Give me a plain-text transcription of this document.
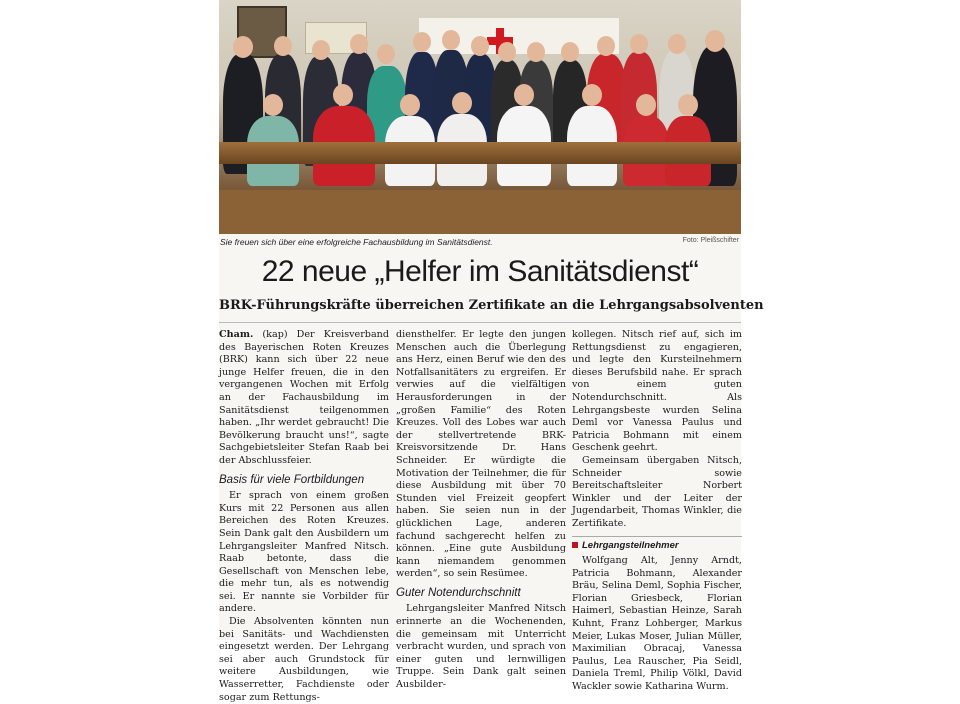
Sie freuen sich über eine erfolgreiche Fachausbildung im Sanitätsdienst.	Foto: Pleißschifter
22 neue „Helfer im Sanitätsdienst“
BRK-Führungskräfte überreichen Zertifikate an die Lehrgangsabsolventen

Cham. (kap) Der Kreisverband des Bayerischen Roten Kreuzes (BRK) kann sich über 22 neue junge Helfer freuen, die in den vergangenen Wochen mit Erfolg an der Fachausbildung im Sanitätsdienst teilgenommen haben. „Ihr werdet gebraucht! Die Bevölkerung braucht uns!“, sagte Sachgebietsleiter Stefan Raab bei der Abschlussfeier.

Basis für viele Fortbildungen

Er sprach von einem großen Kurs mit 22 Personen aus allen Bereichen des Roten Kreuzes. Sein Dank galt den Ausbildern um Lehrgangsleiter Manfred Nitsch. Raab betonte, dass die Gesellschaft von Menschen lebe, die mehr tun, als es notwendig sei. Er nannte sie Vorbilder für andere.

Die Absolventen könnten nun bei Sanitäts- und Wachdiensten eingesetzt werden. Der Lehrgang sei aber auch Grundstock für weitere Ausbildungen, wie Wasserretter, Fachdienste oder sogar zum Rettungs-

diensthelfer. Er legte den jungen Menschen auch die Überlegung ans Herz, einen Beruf wie den des Notfallsanitäters zu ergreifen. Er verwies auf die vielfältigen Herausforderungen in der „großen Familie“ des Roten Kreuzes. Voll des Lobes war auch der stellvertretende BRK-Kreisvorsitzende Dr. Hans Schneider. Er würdigte die Motivation der Teilnehmer, die für diese Ausbildung mit über 70 Stunden viel Freizeit geopfert haben. Sie seien nun in der glücklichen Lage, anderen fachund sachgerecht helfen zu können. „Eine gute Ausbildung kann niemandem genommen werden“, so sein Resümee.

Guter Notendurchschnitt

Lehrgangsleiter Manfred Nitsch erinnerte an die Wochenenden, die gemeinsam mit Unterricht verbracht wurden, und sprach von einer guten und lernwilligen Truppe. Sein Dank galt seinen Ausbilder-

kollegen. Nitsch rief auf, sich im Rettungsdienst zu engagieren, und legte den Kursteilnehmern dieses Berufsbild nahe. Er sprach von einem guten Notendurchschnitt. Als Lehrgangsbeste wurden Selina Deml vor Vanessa Paulus und Patricia Bohmann mit einem Geschenk geehrt.

Gemeinsam übergaben Nitsch, Schneider sowie Bereitschaftsleiter Norbert Winkler und der Leiter der Jugendarbeit, Thomas Winkler, die Zertifikate.

Lehrgangsteilnehmer

Wolfgang Alt, Jenny Arndt, Patricia Bohmann, Alexander Bräu, Selina Deml, Sophia Fischer, Florian Griesbeck, Florian Haimerl, Sebastian Heinze, Sarah Kuhnt, Franz Lohberger, Markus Meier, Lukas Moser, Julian Müller, Maximilian Obracaj, Vanessa Paulus, Lea Rauscher, Pia Seidl, Daniela Treml, Philip Völkl, David Wackler sowie Katharina Wurm.
